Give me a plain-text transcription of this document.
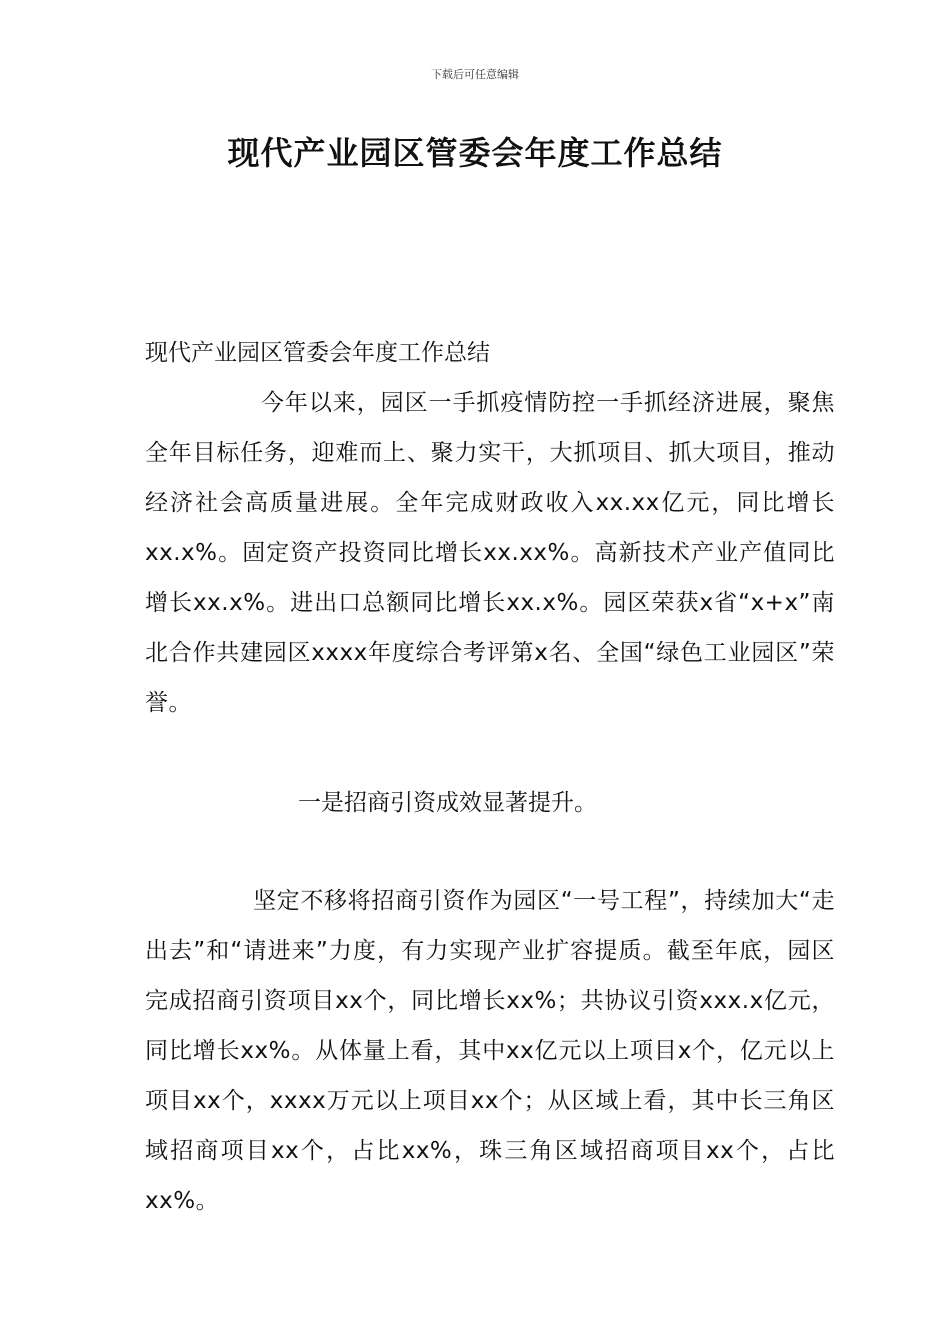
下载后可任意编辑
现代产业园区管委会年度工作总结

现代产业园区管委会年度工作总结

今年以来，园区一手抓疫情防控一手抓经济进展，聚焦全年目标任务，迎难而上、聚力实干，大抓项目、抓大项目，推动经济社会高质量进展。全年完成财政收入xx.xx亿元，同比增长xx.x%。固定资产投资同比增长xx.xx%。高新技术产业产值同比增长xx.x%。进出口总额同比增长xx.x%。园区荣获x省“x+x”南北合作共建园区xxxx年度综合考评第x名、全国“绿色工业园区”荣誉。

一是招商引资成效显著提升。

坚定不移将招商引资作为园区“一号工程”，持续加大“走出去”和“请进来”力度，有力实现产业扩容提质。截至年底，园区完成招商引资项目xx个，同比增长xx%；共协议引资xxx.x亿元，同比增长xx%。从体量上看，其中xx亿元以上项目x个，亿元以上项目xx个，xxxx万元以上项目xx个；从区域上看，其中长三角区域招商项目xx个，占比xx%，珠三角区域招商项目xx个，占比xx%。
